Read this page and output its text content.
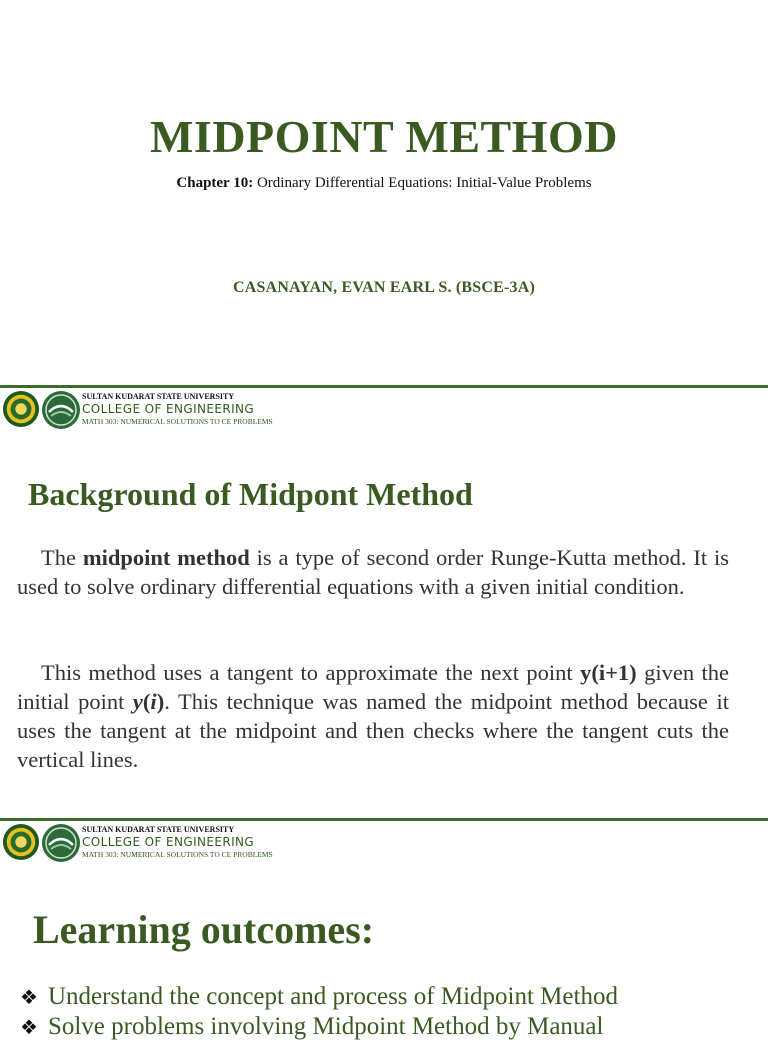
MIDPOINT METHOD
Chapter 10: Ordinary Differential Equations: Initial-Value Problems
CASANAYAN, EVAN EARL S. (BSCE-3A)
SULTAN KUDARAT STATE UNIVERSITY
COLLEGE OF ENGINEERING
MATH 303: NUMERICAL SOLUTIONS TO CE PROBLEMS
Background of Midpont Method

The midpoint method is a type of second order Runge-Kutta method. It is used to solve ordinary differential equations with a given initial condition.

This method uses a tangent to approximate the next point y(i+1) given the initial point y(i). This technique was named the midpoint method because it uses the tangent at the midpoint and then checks where the tangent cuts the vertical lines.

SULTAN KUDARAT STATE UNIVERSITY
COLLEGE OF ENGINEERING
MATH 303: NUMERICAL SOLUTIONS TO CE PROBLEMS
Learning outcomes:
❖ Understand the concept and process of Midpoint Method
❖ Solve problems involving Midpoint Method by Manual
